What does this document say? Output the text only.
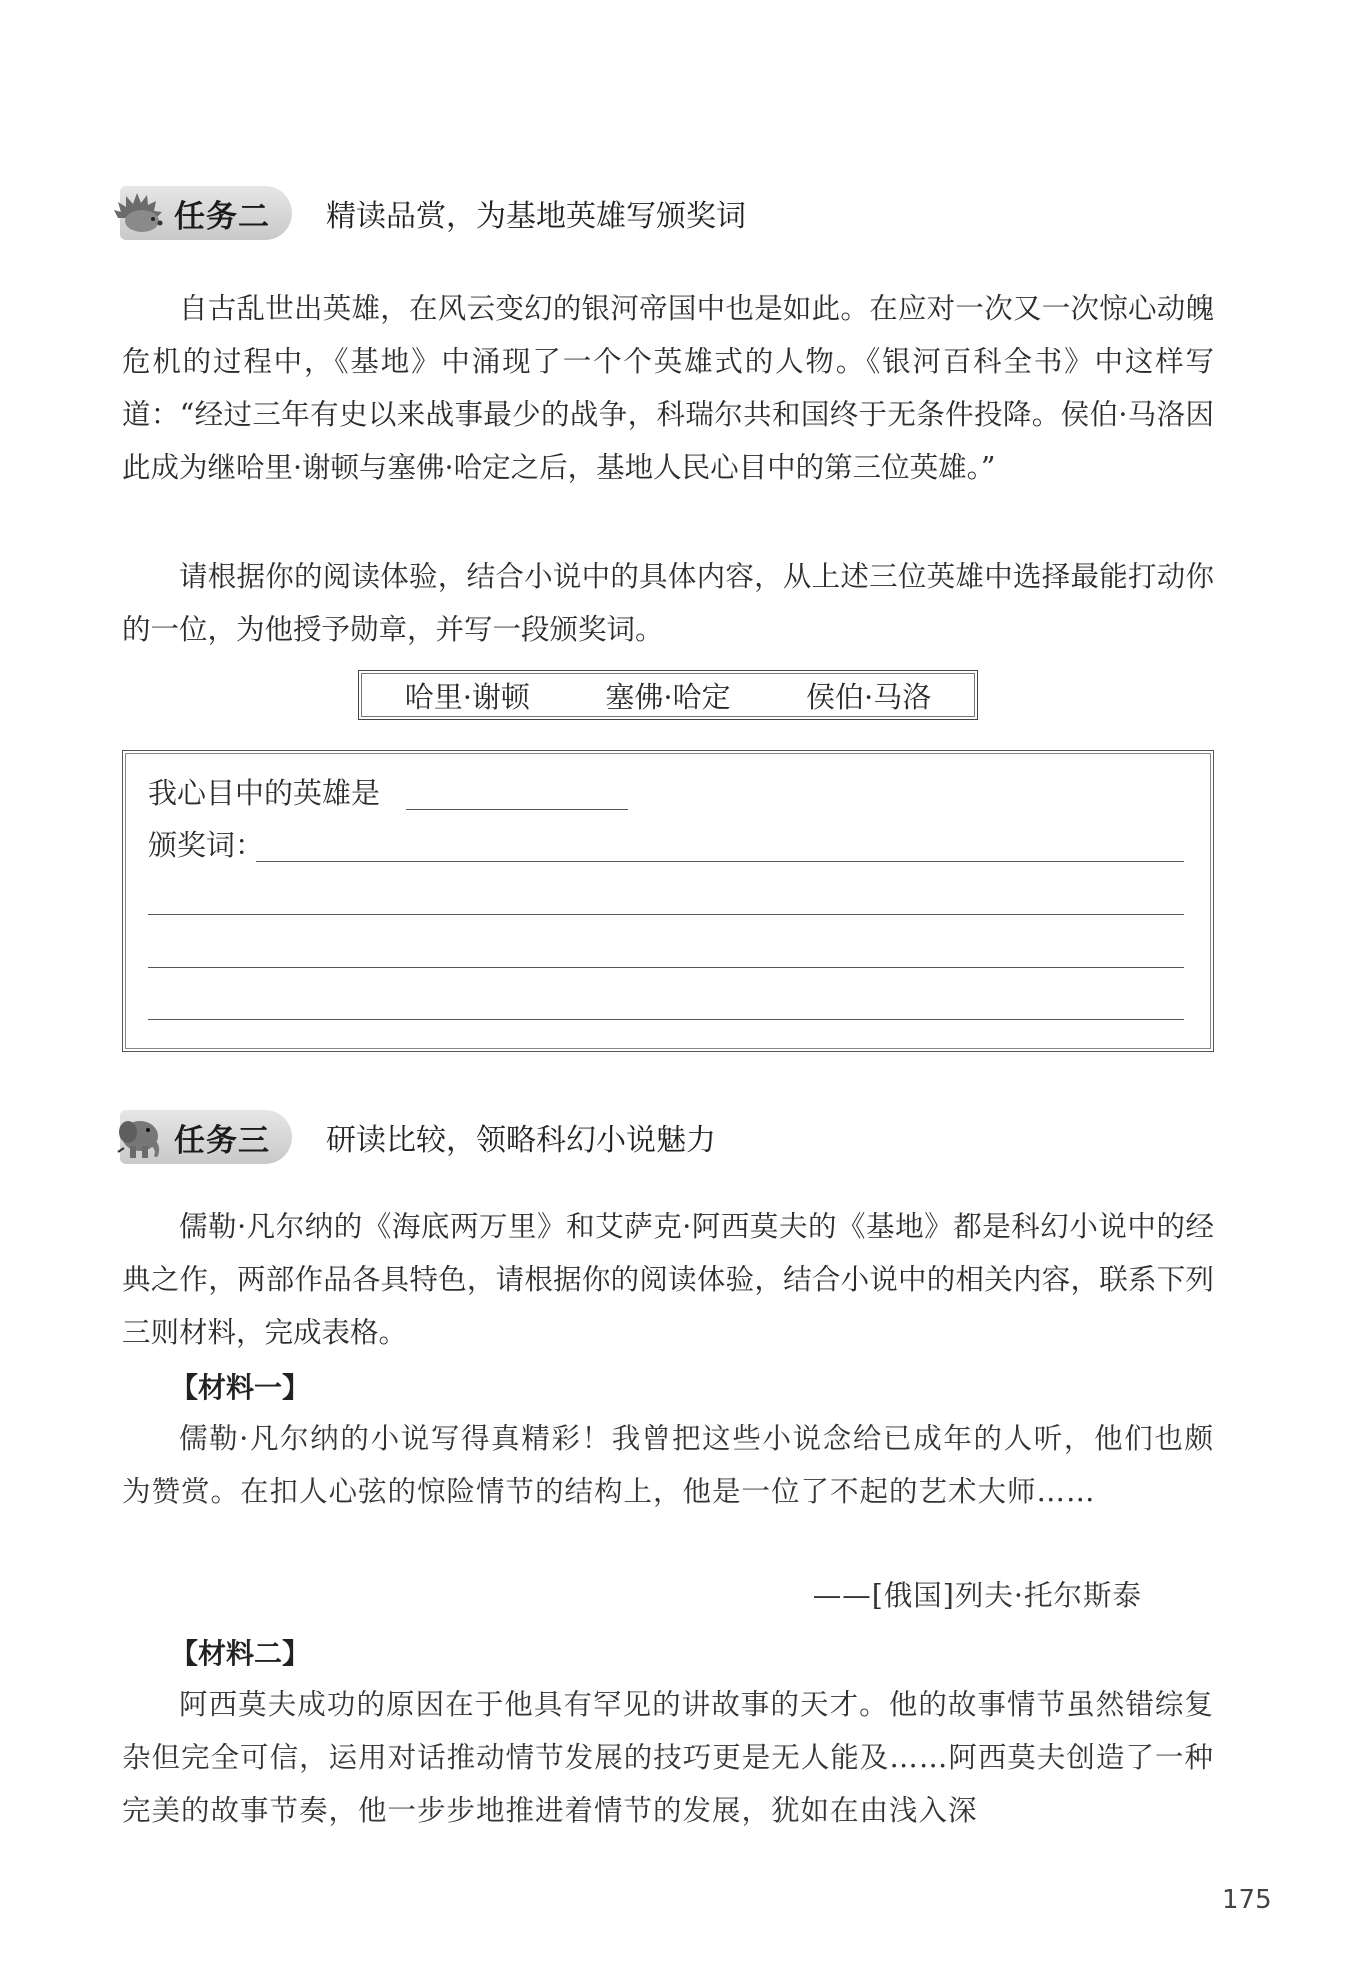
任务二 精读品赏，为基地英雄写颁奖词

自古乱世出英雄，在风云变幻的银河帝国中也是如此。在应对一次又一次惊心动魄危机的过程中，《基地》中涌现了一个个英雄式的人物。《银河百科全书》中这样写道：“经过三年有史以来战事最少的战争，科瑞尔共和国终于无条件投降。侯伯·马洛因此成为继哈里·谢顿与塞佛·哈定之后，基地人民心目中的第三位英雄。”

请根据你的阅读体验，结合小说中的具体内容，从上述三位英雄中选择最能打动你的一位，为他授予勋章，并写一段颁奖词。

哈里·谢顿	塞佛·哈定	侯伯·马洛
我心目中的英雄是
颁奖词：
任务三 研读比较，领略科幻小说魅力

儒勒·凡尔纳的《海底两万里》和艾萨克·阿西莫夫的《基地》都是科幻小说中的经典之作，两部作品各具特色，请根据你的阅读体验，结合小说中的相关内容，联系下列三则材料，完成表格。

【材料一】

儒勒·凡尔纳的小说写得真精彩！我曾把这些小说念给已成年的人听，他们也颇为赞赏。在扣人心弦的惊险情节的结构上，他是一位了不起的艺术大师……

——[俄国]列夫·托尔斯泰
【材料二】

阿西莫夫成功的原因在于他具有罕见的讲故事的天才。他的故事情节虽然错综复杂但完全可信，运用对话推动情节发展的技巧更是无人能及……阿西莫夫创造了一种完美的故事节奏，他一步步地推进着情节的发展，犹如在由浅入深

175
